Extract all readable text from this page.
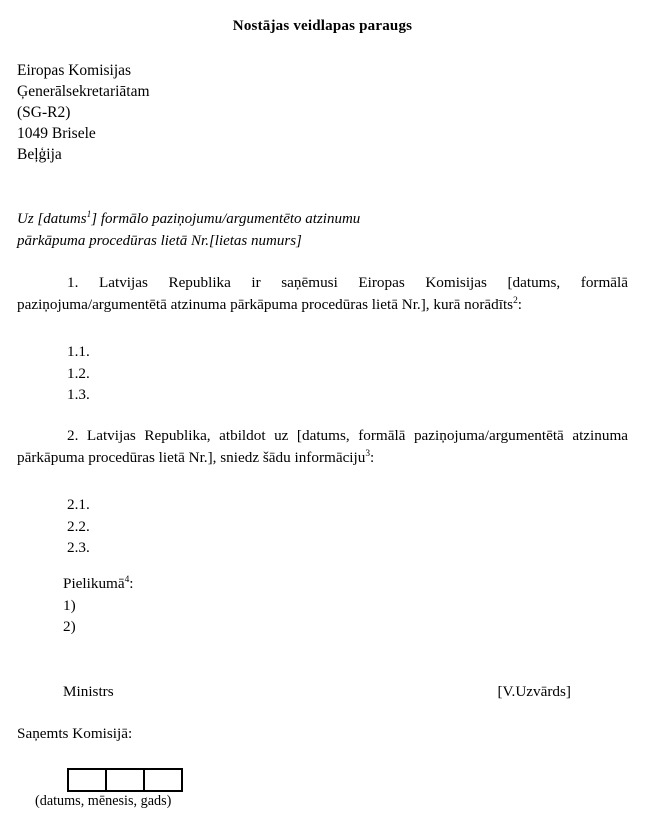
Nostājas veidlapas paraugs
Eiropas Komisijas
Ģenerālsekretariātam
(SG-R2)
1049 Brisele
Beļģija
Uz [datums$^1$] formālo paziņojumu/argumentēto atzinumu
pārkāpuma procedūras lietā Nr.[lietas numurs]
1. Latvijas Republika ir saņēmusi Eiropas Komisijas [datums, formālā paziņojuma/argumentētā atzinuma pārkāpuma procedūras lietā Nr.], kurā norādīts$^2$:
1.1.
1.2.
1.3.
2. Latvijas Republika, atbildot uz [datums, formālā paziņojuma/argumentētā atzinuma pārkāpuma procedūras lietā Nr.], sniedz šādu informāciju$^3$:
2.1.
2.2.
2.3.
Pielikumā$^4$:
1)
2)
Ministrs	[V.Uzvārds]
Saņemts Komisijā:
(datums, mēnesis, gads)
